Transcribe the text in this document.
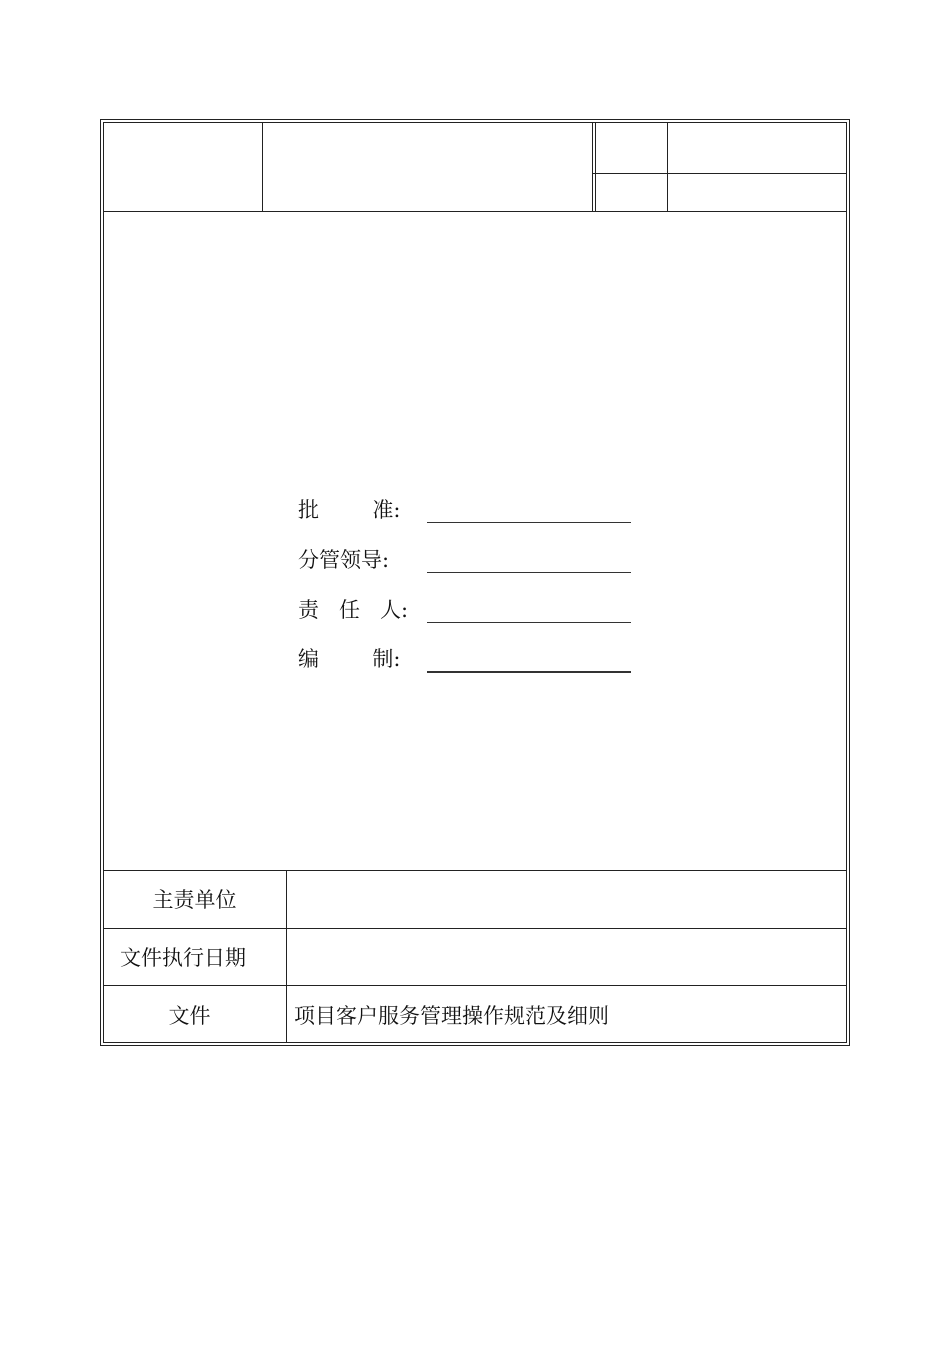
批        准:
分管领导:
责   任   人:
编        制:
主责单位
文件执行日期
文件	项目客户服务管理操作规范及细则
